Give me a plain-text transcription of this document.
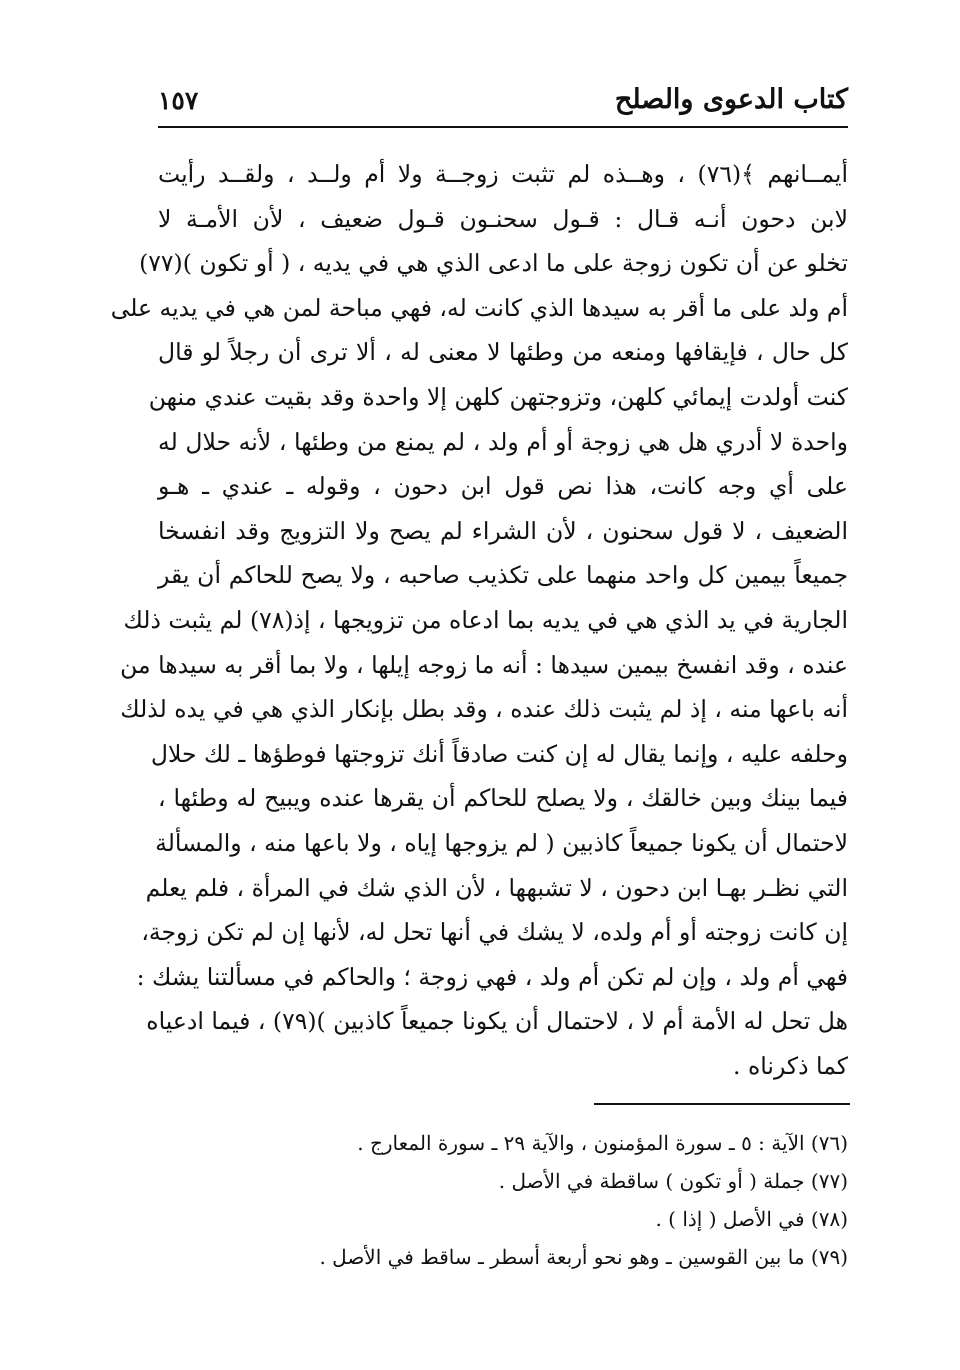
كتاب الدعوى والصلح
١٥٧
أيمــانهم ﴾(٧٦) ، وهــذه لم تثبت زوجــة ولا أم ولــد ، ولقــد رأيت
لابن دحون أنـه قـال : قـول سحنـون قـول ضعيف ، لأن الأمـة لا
تخلو عن أن تكون زوجة على ما ادعى الذي هي في يديه ، ( أو تكون )(٧٧)
أم ولد على ما أقر به سيدها الذي كانت له، فهي مباحة لمن هي في يديه على
كل حال ، فإيقافها ومنعه من وطئها لا معنى له ، ألا ترى أن رجلاً لو قال
كنت أولدت إيمائي كلهن، وتزوجتهن كلهن إلا واحدة وقد بقيت عندي منهن
واحدة لا أدري هل هي زوجة أو أم ولد ، لم يمنع من وطئها ، لأنه حلال له
على أي وجه كانت، هذا نص قول ابن دحون ، وقوله ـ عندي ـ هـو
الضعيف ، لا قول سحنون ، لأن الشراء لم يصح ولا التزويج وقد انفسخا
جميعاً بيمين كل واحد منهما على تكذيب صاحبه ، ولا يصح للحاكم أن يقر
الجارية في يد الذي هي في يديه بما ادعاه من تزويجها ، إذ(٧٨) لم يثبت ذلك
عنده ، وقد انفسخ بيمين سيدها : أنه ما زوجه إيلها ، ولا بما أقر به سيدها من
أنه باعها منه ، إذ لم يثبت ذلك عنده ، وقد بطل بإنكار الذي هي في يده لذلك
وحلفه عليه ، وإنما يقال له إن كنت صادقاً أنك تزوجتها فوطؤها ـ لك حلال
فيما بينك وبين خالقك ، ولا يصلح للحاكم أن يقرها عنده ويبيح له وطئها ،
لاحتمال أن يكونا جميعاً كاذبين ( لم يزوجها إياه ، ولا باعها منه ، والمسألة
التي نظـر بهـا ابن دحون ، لا تشبهها ، لأن الذي شك في المرأة ، فلم يعلم
إن كانت زوجته أو أم ولده، لا يشك في أنها تحل له، لأنها إن لم تكن زوجة،
فهي أم ولد ، وإن لم تكن أم ولد ، فهي زوجة ؛ والحاكم في مسألتنا يشك :
هل تحل له الأمة أم لا ، لاحتمال أن يكونا جميعاً كاذبين )(٧٩) ، فيما ادعياه
كما ذكرناه .
(٧٦) الآية : ٥ ـ سورة المؤمنون ، والآية ٢٩ ـ سورة المعارج .
(٧٧) جملة ( أو تكون ) ساقطة في الأصل .
(٧٨) في الأصل ( إذا ) .
(٧٩) ما بين القوسين ـ وهو نحو أربعة أسطر ـ ساقط في الأصل .
